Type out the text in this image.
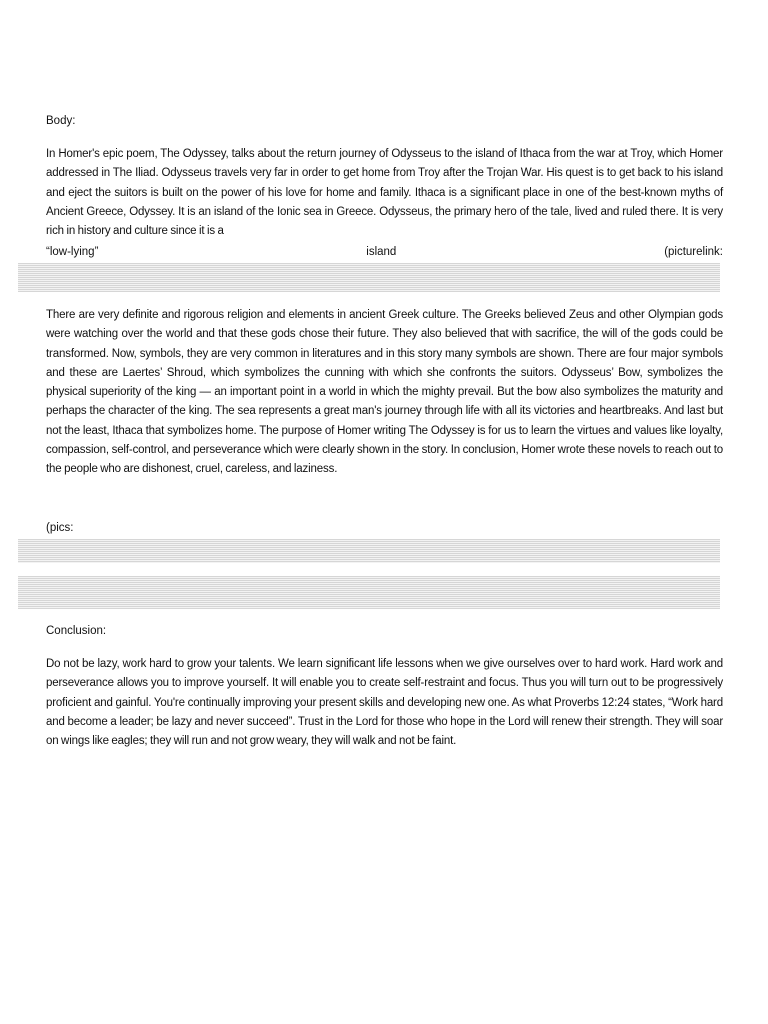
Body:
In Homer's epic poem, The Odyssey, talks about the return journey of Odysseus to the island of Ithaca from the war at Troy, which Homer addressed in The Iliad. Odysseus travels very far in order to get home from Troy after the Trojan War. His quest is to get back to his island and eject the suitors is built on the power of his love for home and family. Ithaca is a significant place in one of the best-known myths of Ancient Greece, Odyssey. It is an island of the Ionic sea in Greece. Odysseus, the primary hero of the tale, lived and ruled there. It is very rich in history and culture since it is a
“low-lying”	island	(picturelink:
There are very definite and rigorous religion and elements in ancient Greek culture. The Greeks believed Zeus and other Olympian gods were watching over the world and that these gods chose their future. They also believed that with sacrifice, the will of the gods could be transformed. Now, symbols, they are very common in literatures and in this story many symbols are shown. There are four major symbols and these are Laertes’ Shroud, which symbolizes the cunning with which she confronts the suitors. Odysseus’ Bow, symbolizes the physical superiority of the king — an important point in a world in which the mighty prevail. But the bow also symbolizes the maturity and perhaps the character of the king. The sea represents a great man's journey through life with all its victories and heartbreaks. And last but not the least, Ithaca that symbolizes home. The purpose of Homer writing The Odyssey is for us to learn the virtues and values like loyalty, compassion, self-control, and perseverance which were clearly shown in the story. In conclusion, Homer wrote these novels to reach out to the people who are dishonest, cruel, careless, and laziness.
(pics:
Conclusion:
Do not be lazy, work hard to grow your talents. We learn significant life lessons when we give ourselves over to hard work. Hard work and perseverance allows you to improve yourself. It will enable you to create self-restraint and focus. Thus you will turn out to be progressively proficient and gainful. You're continually improving your present skills and developing new one. As what Proverbs 12:24 states, “Work hard and become a leader; be lazy and never succeed”. Trust in the Lord for those who hope in the Lord will renew their strength. They will soar on wings like eagles; they will run and not grow weary, they will walk and not be faint.
